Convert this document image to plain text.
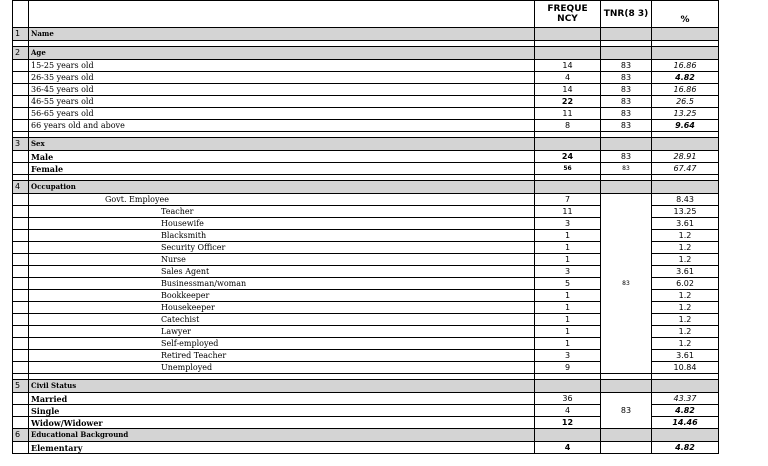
		FREQUE NCY	TNR(8 3)	%
1	Name			

2	Age			
	15-25 years old	14	83	16.86
	26-35 years old	4	83	4.82
	36-45 years old	14	83	16.86
	46-55 years old	22	83	26.5
	56-65 years old	11	83	13.25
	66 years old and above	8	83	9.64

3	Sex			
	Male	24	83	28.91
	Female	56	83	67.47

4	Occupation			
	Govt. Employee	7	83	8.43
	Teacher	11		13.25
	Housewife	3		3.61
	Blacksmith	1		1.2
	Security Officer	1		1.2
	Nurse	1		1.2
	Sales Agent	3		3.61
	Businessman/woman	5		6.02
	Bookkeeper	1		1.2
	Housekeeper	1		1.2
	Catechist	1		1.2
	Lawyer	1		1.2
	Self-employed	1		1.2
	Retired Teacher	3		3.61
	Unemployed	9		10.84

5	Civil Status			
	Married	36	83	43.37
	Single	4		4.82
	Widow/Widower	12		14.46
6	Educational Background			
	Elementary	4		4.82
